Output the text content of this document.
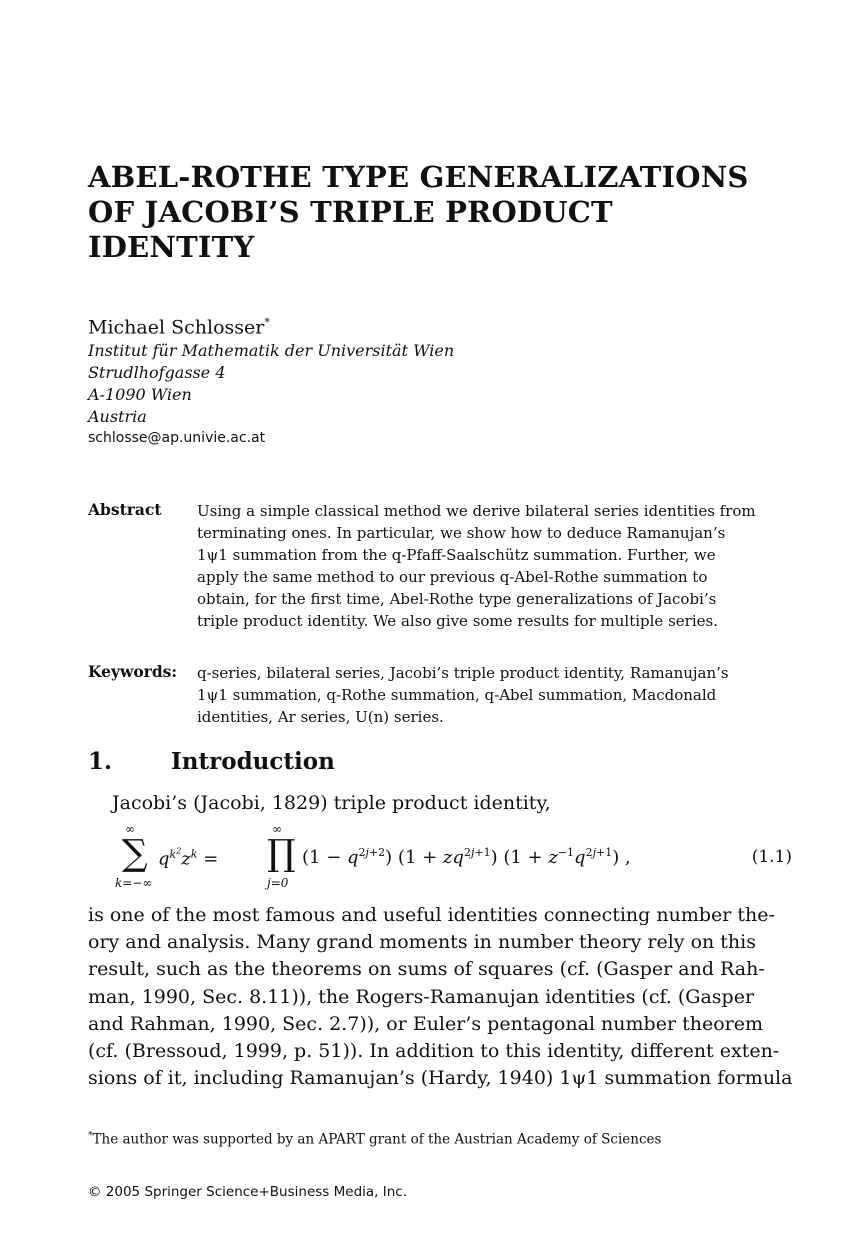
ABEL-ROTHE TYPE GENERALIZATIONS
OF JACOBI’S TRIPLE PRODUCT
IDENTITY
Michael Schlosser*
Institut für Mathematik der Universität Wien
Strudlhofgasse 4
A-1090 Wien
Austria
schlosse@ap.univie.ac.at
Abstract Using a simple classical method we derive bilateral series identities from
terminating ones. In particular, we show how to deduce Ramanujan’s
1ψ1 summation from the q-Pfaff-Saalschütz summation. Further, we
apply the same method to our previous q-Abel-Rothe summation to
obtain, for the first time, Abel-Rothe type generalizations of Jacobi’s
triple product identity. We also give some results for multiple series.
Keywords: q-series, bilateral series, Jacobi’s triple product identity, Ramanujan’s
1ψ1 summation, q-Rothe summation, q-Abel summation, Macdonald
identities, Ar series, U(n) series.
1.	Introduction
Jacobi’s (Jacobi, 1829) triple product identity,
∞
∑
k=−∞
∞
∏
j=0
$q^{k^2}z^k$ =	$(1 - q^{2j+2})$ $(1 + zq^{2j+1})$ $(1 + z^{-1}q^{2j+1})$ ,	(1.1)
is one of the most famous and useful identities connecting number the-
ory and analysis. Many grand moments in number theory rely on this
result, such as the theorems on sums of squares (cf. (Gasper and Rah-
man, 1990, Sec. 8.11)), the Rogers-Ramanujan identities (cf. (Gasper
and Rahman, 1990, Sec. 2.7)), or Euler’s pentagonal number theorem
(cf. (Bressoud, 1999, p. 51)). In addition to this identity, different exten-
sions of it, including Ramanujan’s (Hardy, 1940) 1ψ1 summation formula
*The author was supported by an APART grant of the Austrian Academy of Sciences
© 2005 Springer Science+Business Media, Inc.
